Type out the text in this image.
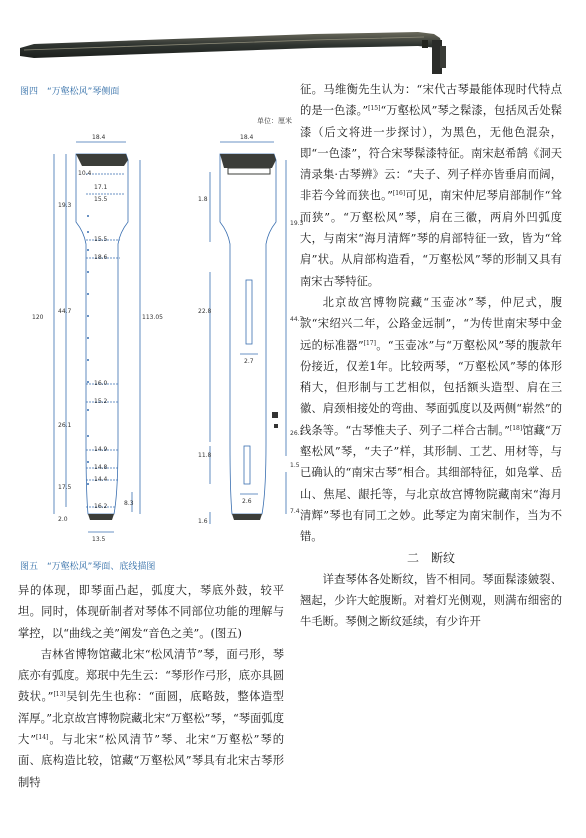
图四　“万壑松风”琴侧面
单位：厘米
18.4
10.4
17.1
15.5
15.5
18.6
16.0
15.2
14.9
14.8
14.4
16.2
13.5
19.3
44.7
26.1
17.5
2.0
120	113.05
8.3
18.4
1.8
22.8
11.8
1.6
19.3
44.7
26.1
1.5
7.4
2.7
2.6
图五　“万壑松风”琴面、底线描图

征。马维衡先生认为：“宋代古琴最能体现时代特点的是一色漆。”[15]“万壑松风”琴之髹漆，包括凤舌处髹漆（后文将进一步探讨），为黑色，无他色混杂，即“一色漆”，符合宋琴髹漆特征。南宋赵希鹄《洞天清录集·古琴辨》云：“夫子、列子样亦皆垂肩而阔，非若今耸而狭也。”[16]可见，南宋仲尼琴肩部制作“耸而狭”。“万壑松风”琴，肩在三徽，两肩外凹弧度大，与南宋“海月清辉”琴的肩部特征一致，皆为“耸肩”状。从肩部构造看，“万壑松风”琴的形制又具有南宋古琴特征。

北京故宫博物院藏“玉壶冰”琴，仲尼式，腹款“宋绍兴二年，公路金远制”，“为传世南宋琴中金远的标准器”[17]。“玉壶冰”与“万壑松风”琴的腹款年份接近，仅差1年。比较两琴，“万壑松风”琴的体形稍大，但形制与工艺相似，包括额头造型、肩在三徽、肩颈相接处的弯曲、琴面弧度以及两侧“崭然”的线条等。“古琴惟夫子、列子二样合古制。”[18]馆藏“万壑松风”琴，“夫子”样，其形制、工艺、用材等，与已确认的“南宋古琴”相合。其细部特征，如凫掌、岳山、焦尾、龈托等，与北京故宫博物院藏南宋“海月清辉”琴也有同工之妙。此琴定为南宋制作，当为不错。

二　断纹

详查琴体各处断纹，皆不相同。琴面髹漆皴裂、翘起，少许大蛇腹断。对着灯光侧观，则满布细密的牛毛断。琴侧之断纹延续，有少许开

异的体现，即琴面凸起，弧度大，琴底外鼓，较平坦。同时，体现斫制者对琴体不同部位功能的理解与掌控，以“曲线之美”阐发“音色之美”。(图五)

吉林省博物馆藏北宋“松风清节”琴，面弓形，琴底亦有弧度。郑珉中先生云：“琴形作弓形，底亦具圆鼓状。”[13]吴钊先生也称：“面圆，底略鼓，整体造型浑厚。”北京故宫博物院藏北宋“万壑松”琴，“琴面弧度大”[14]。与北宋“松风清节”琴、北宋“万壑松”琴的面、底构造比较，馆藏“万壑松风”琴具有北宋古琴形制特
